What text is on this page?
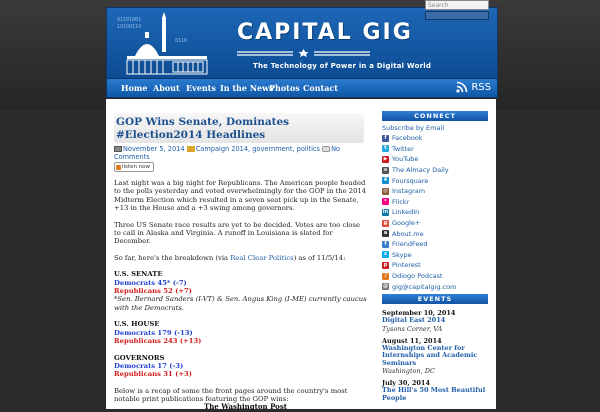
01101001
10100110
0110 CAPITAL GIG
The Technology of Power in a Digital World
Search
Home About Events In the News
Photos Contact	RSS
GOP Wins Senate, Dominates #Election2014 Headlines
November 5, 2014 Campaign 2014, government, politics No Comments
listen now

Last night was a big night for Republicans. The American people headed to the polls yesterday and voted overwhelmingly for the GOP in the 2014 Midterm Election which resulted in a seven seat pick up in the Senate, +13 in the House and a +3 swing among governors.

Three US Senate race results are yet to be decided. Votes are too close to call in Alaska and Virginia. A runoff in Louisiana is slated for December.

So far, here's the breakdown (via Real Clear Politics) as of 11/5/14:

U.S. SENATE
Democrats 45* (-7)
Republicans 52 (+7)
*Sen. Bernard Sanders (I-VT) & Sen. Angus King (I-ME) currently caucus with the Democrats.
U.S. HOUSE
Democrats 179 (-13)
Republicans 243 (+13)
GOVERNORS
Democrats 17 (-3)
Republicans 31 (+3)

Below is a recap of some the front pages around the country's most notable print publications featuring the GOP wins:

The Washington Post
CONNECT
Subscribe by Email
f Facebook
t Twitter
▶ YouTube
≡ The Almacy Daily
4 Foursquare
◎ Instagram
• Flickr
in LinkedIn
g Google+
a About.me
f FriendFeed
s Skype
p Pinterest
♪ Odiogo Podcast
@ gig@capitalgig.com
EVENTS
September 10, 2014
Digital East 2014
Tysons Corner, VA
August 11, 2014
Washington Center for Internships and Academic Seminars
Washington, DC
July 30, 2014
The Hill's 50 Most Beautiful People
